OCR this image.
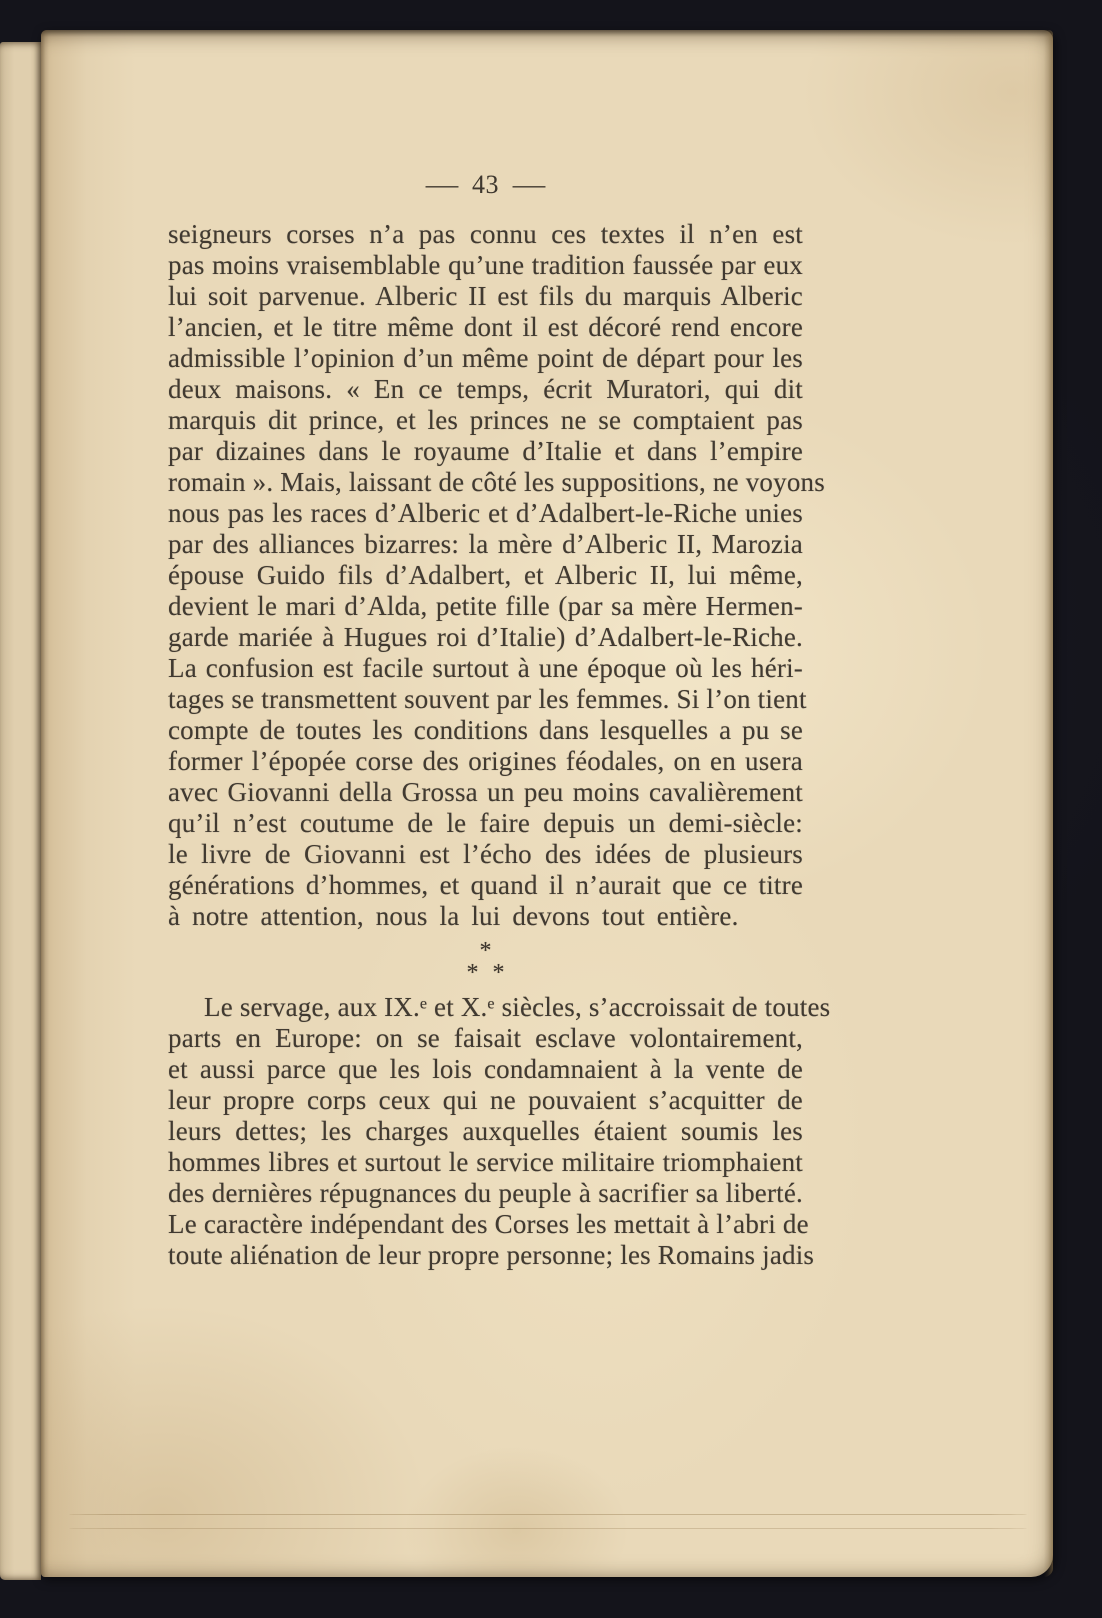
— 43 —
seigneurs corses n’a pas connu ces textes il n’en est
pas moins vraisemblable qu’une tradition faussée par eux
lui soit parvenue. Alberic II est fils du marquis Alberic
l’ancien, et le titre même dont il est décoré rend encore
admissible l’opinion d’un même point de départ pour les
deux maisons. « En ce temps, écrit Muratori, qui dit
marquis dit prince, et les princes ne se comptaient pas
par dizaines dans le royaume d’Italie et dans l’empire
romain ». Mais, laissant de côté les suppositions, ne voyons
nous pas les races d’Alberic et d’Adalbert-le-Riche unies
par des alliances bizarres: la mère d’Alberic II, Marozia
épouse Guido fils d’Adalbert, et Alberic II, lui même,
devient le mari d’Alda, petite fille (par sa mère Hermen-
garde mariée à Hugues roi d’Italie) d’Adalbert-le-Riche.
La confusion est facile surtout à une époque où les héri-
tages se transmettent souvent par les femmes. Si l’on tient
compte de toutes les conditions dans lesquelles a pu se
former l’épopée corse des origines féodales, on en usera
avec Giovanni della Grossa un peu moins cavalièrement
qu’il n’est coutume de le faire depuis un demi-siècle:
le livre de Giovanni est l’écho des idées de plusieurs
générations d’hommes, et quand il n’aurait que ce titre
à notre attention, nous la lui devons tout entière.
*
* *
Le servage, aux IX.ᵉ et X.ᵉ siècles, s’accroissait de toutes
parts en Europe: on se faisait esclave volontairement,
et aussi parce que les lois condamnaient à la vente de
leur propre corps ceux qui ne pouvaient s’acquitter de
leurs dettes; les charges auxquelles étaient soumis les
hommes libres et surtout le service militaire triomphaient
des dernières répugnances du peuple à sacrifier sa liberté.
Le caractère indépendant des Corses les mettait à l’abri de
toute aliénation de leur propre personne; les Romains jadis
